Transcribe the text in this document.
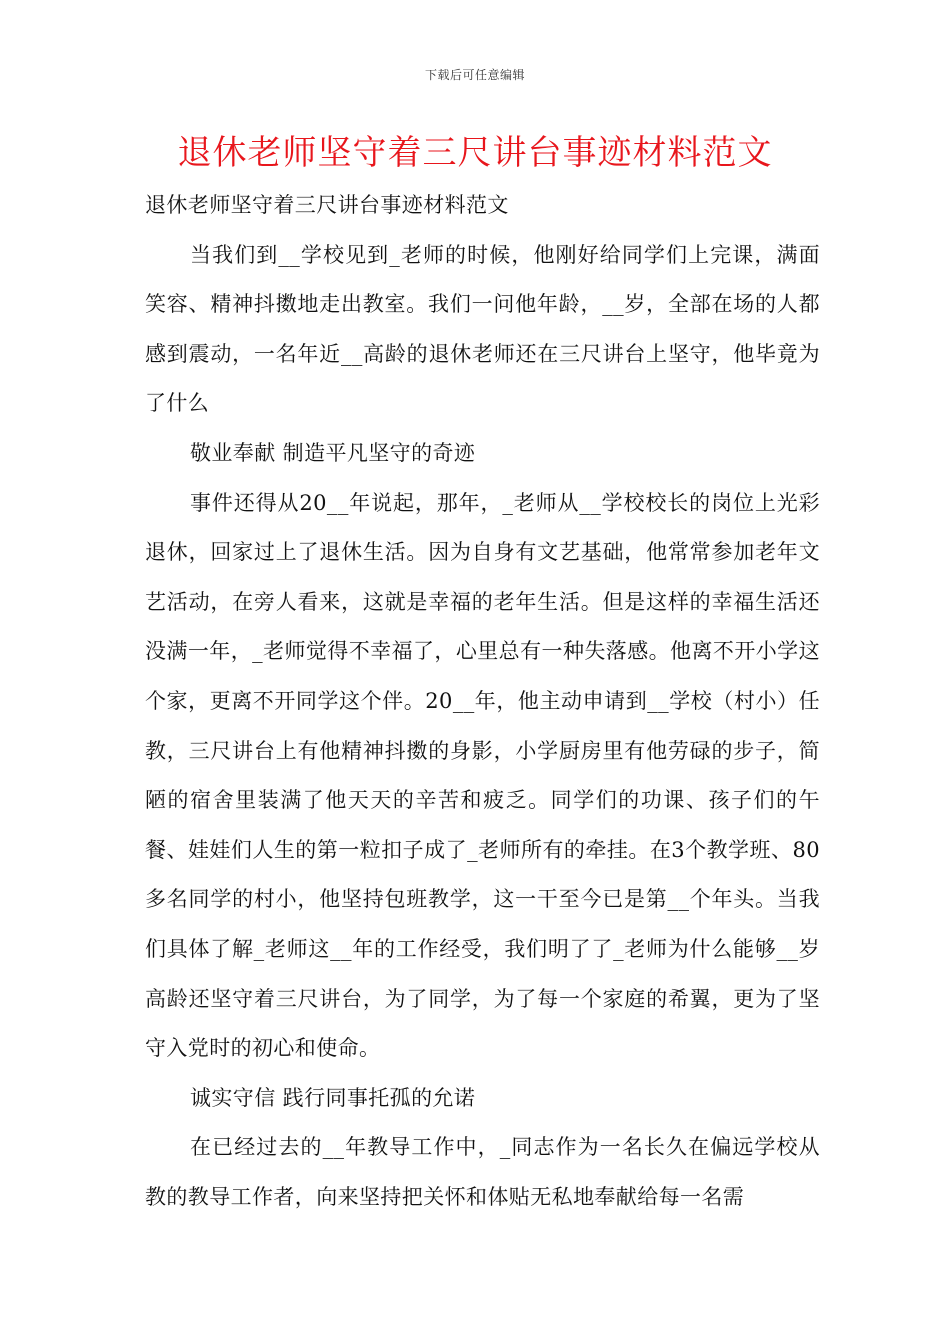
下载后可任意编辑
退休老师坚守着三尺讲台事迹材料范文

退休老师坚守着三尺讲台事迹材料范文

当我们到__学校见到_老师的时候，他刚好给同学们上完课，满面笑容、精神抖擞地走出教室。我们一问他年龄，__岁，全部在场的人都感到震动，一名年近__高龄的退休老师还在三尺讲台上坚守，他毕竟为了什么

敬业奉献 制造平凡坚守的奇迹

事件还得从20__年说起，那年，_老师从__学校校长的岗位上光彩退休，回家过上了退休生活。因为自身有文艺基础，他常常参加老年文艺活动，在旁人看来，这就是幸福的老年生活。但是这样的幸福生活还没满一年，_老师觉得不幸福了，心里总有一种失落感。他离不开小学这个家，更离不开同学这个伴。20__年，他主动申请到__学校（村小）任教，三尺讲台上有他精神抖擞的身影，小学厨房里有他劳碌的步子，简陋的宿舍里装满了他天天的辛苦和疲乏。同学们的功课、孩子们的午餐、娃娃们人生的第一粒扣子成了_老师所有的牵挂。在3个教学班、80多名同学的村小，他坚持包班教学，这一干至今已是第__个年头。当我们具体了解_老师这__年的工作经受，我们明了了_老师为什么能够__岁高龄还坚守着三尺讲台，为了同学，为了每一个家庭的希翼，更为了坚守入党时的初心和使命。

诚实守信 践行同事托孤的允诺

在已经过去的__年教导工作中，_同志作为一名长久在偏远学校从教的教导工作者，向来坚持把关怀和体贴无私地奉献给每一名需
